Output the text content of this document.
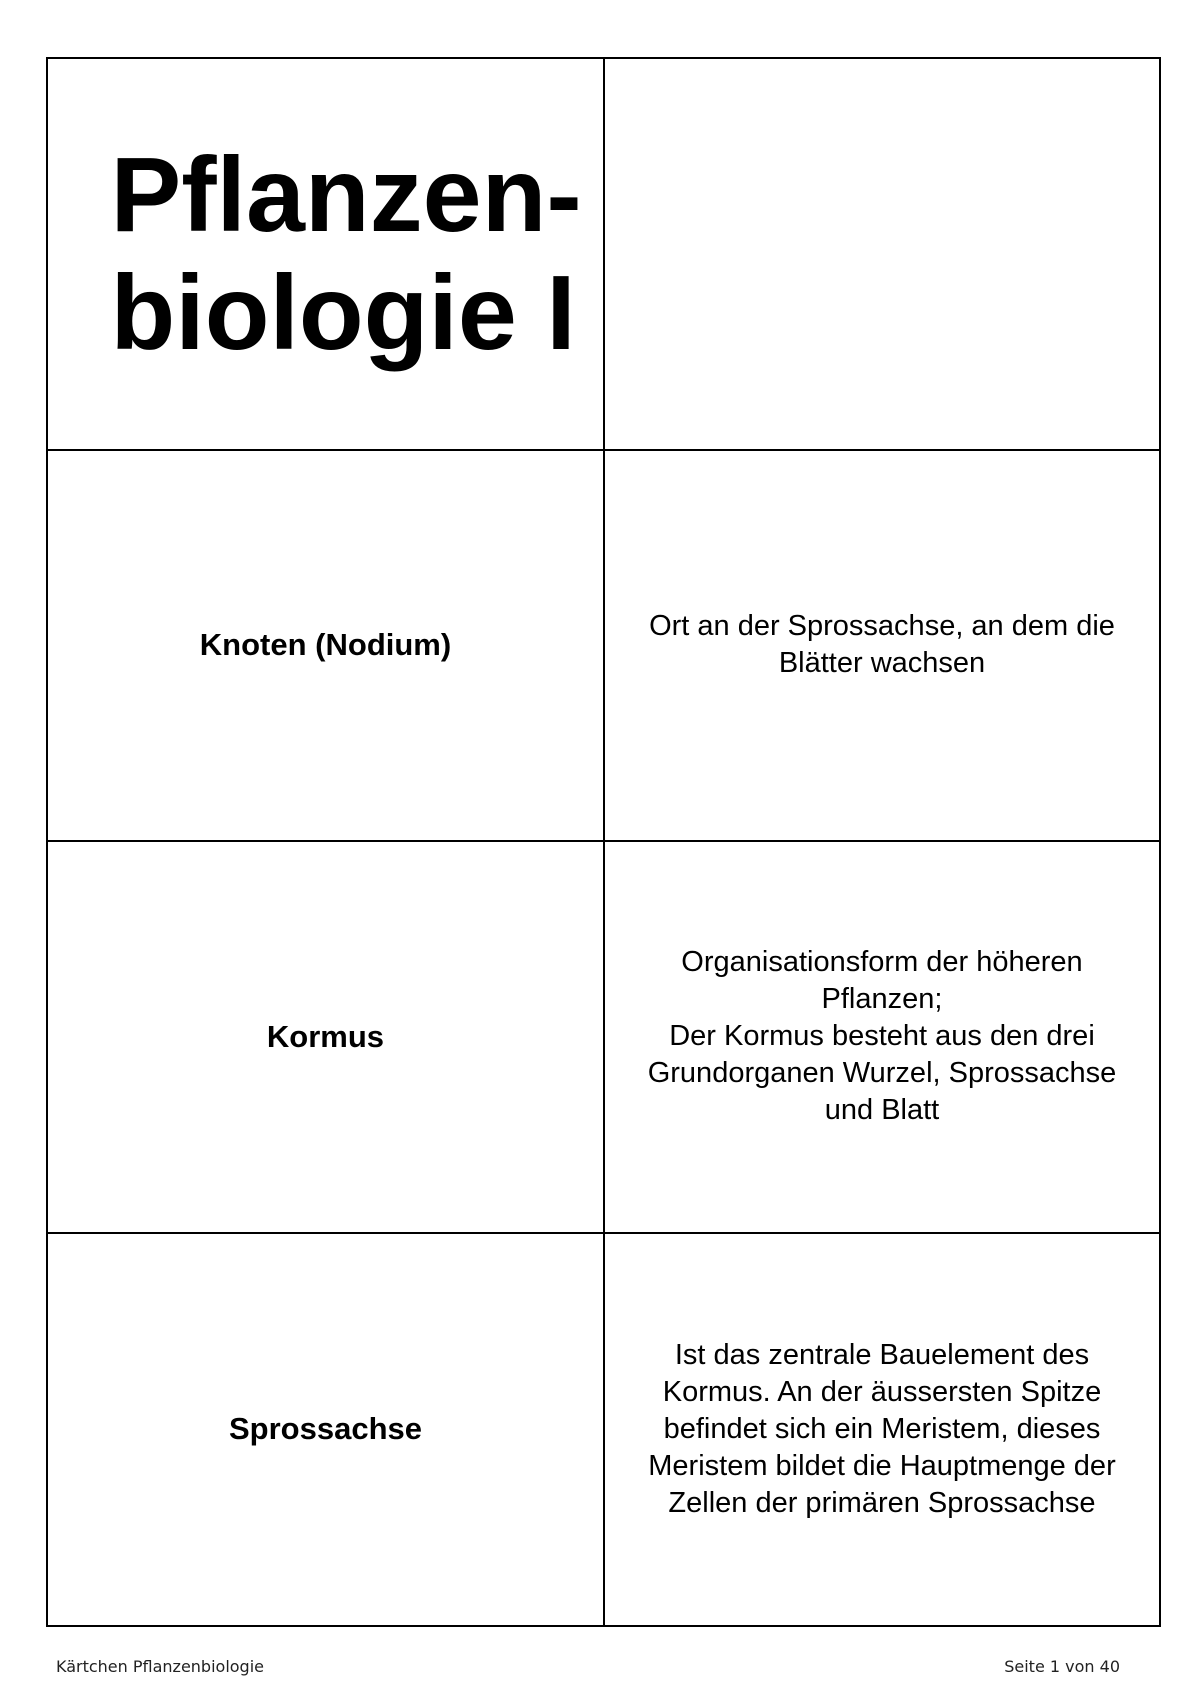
Pflanzen-
biologie I

Knoten (Nodium)

Ort an der Sprossachse, an dem die
Blätter wachsen

Kormus

Organisationsform der höheren
Pflanzen;
Der Kormus besteht aus den drei
Grundorganen Wurzel, Sprossachse
und Blatt

Sprossachse

Ist das zentrale Bauelement des
Kormus. An der äussersten Spitze
befindet sich ein Meristem, dieses
Meristem bildet die Hauptmenge der
Zellen der primären Sprossachse

Kärtchen Pflanzenbiologie	Seite 1 von 40
